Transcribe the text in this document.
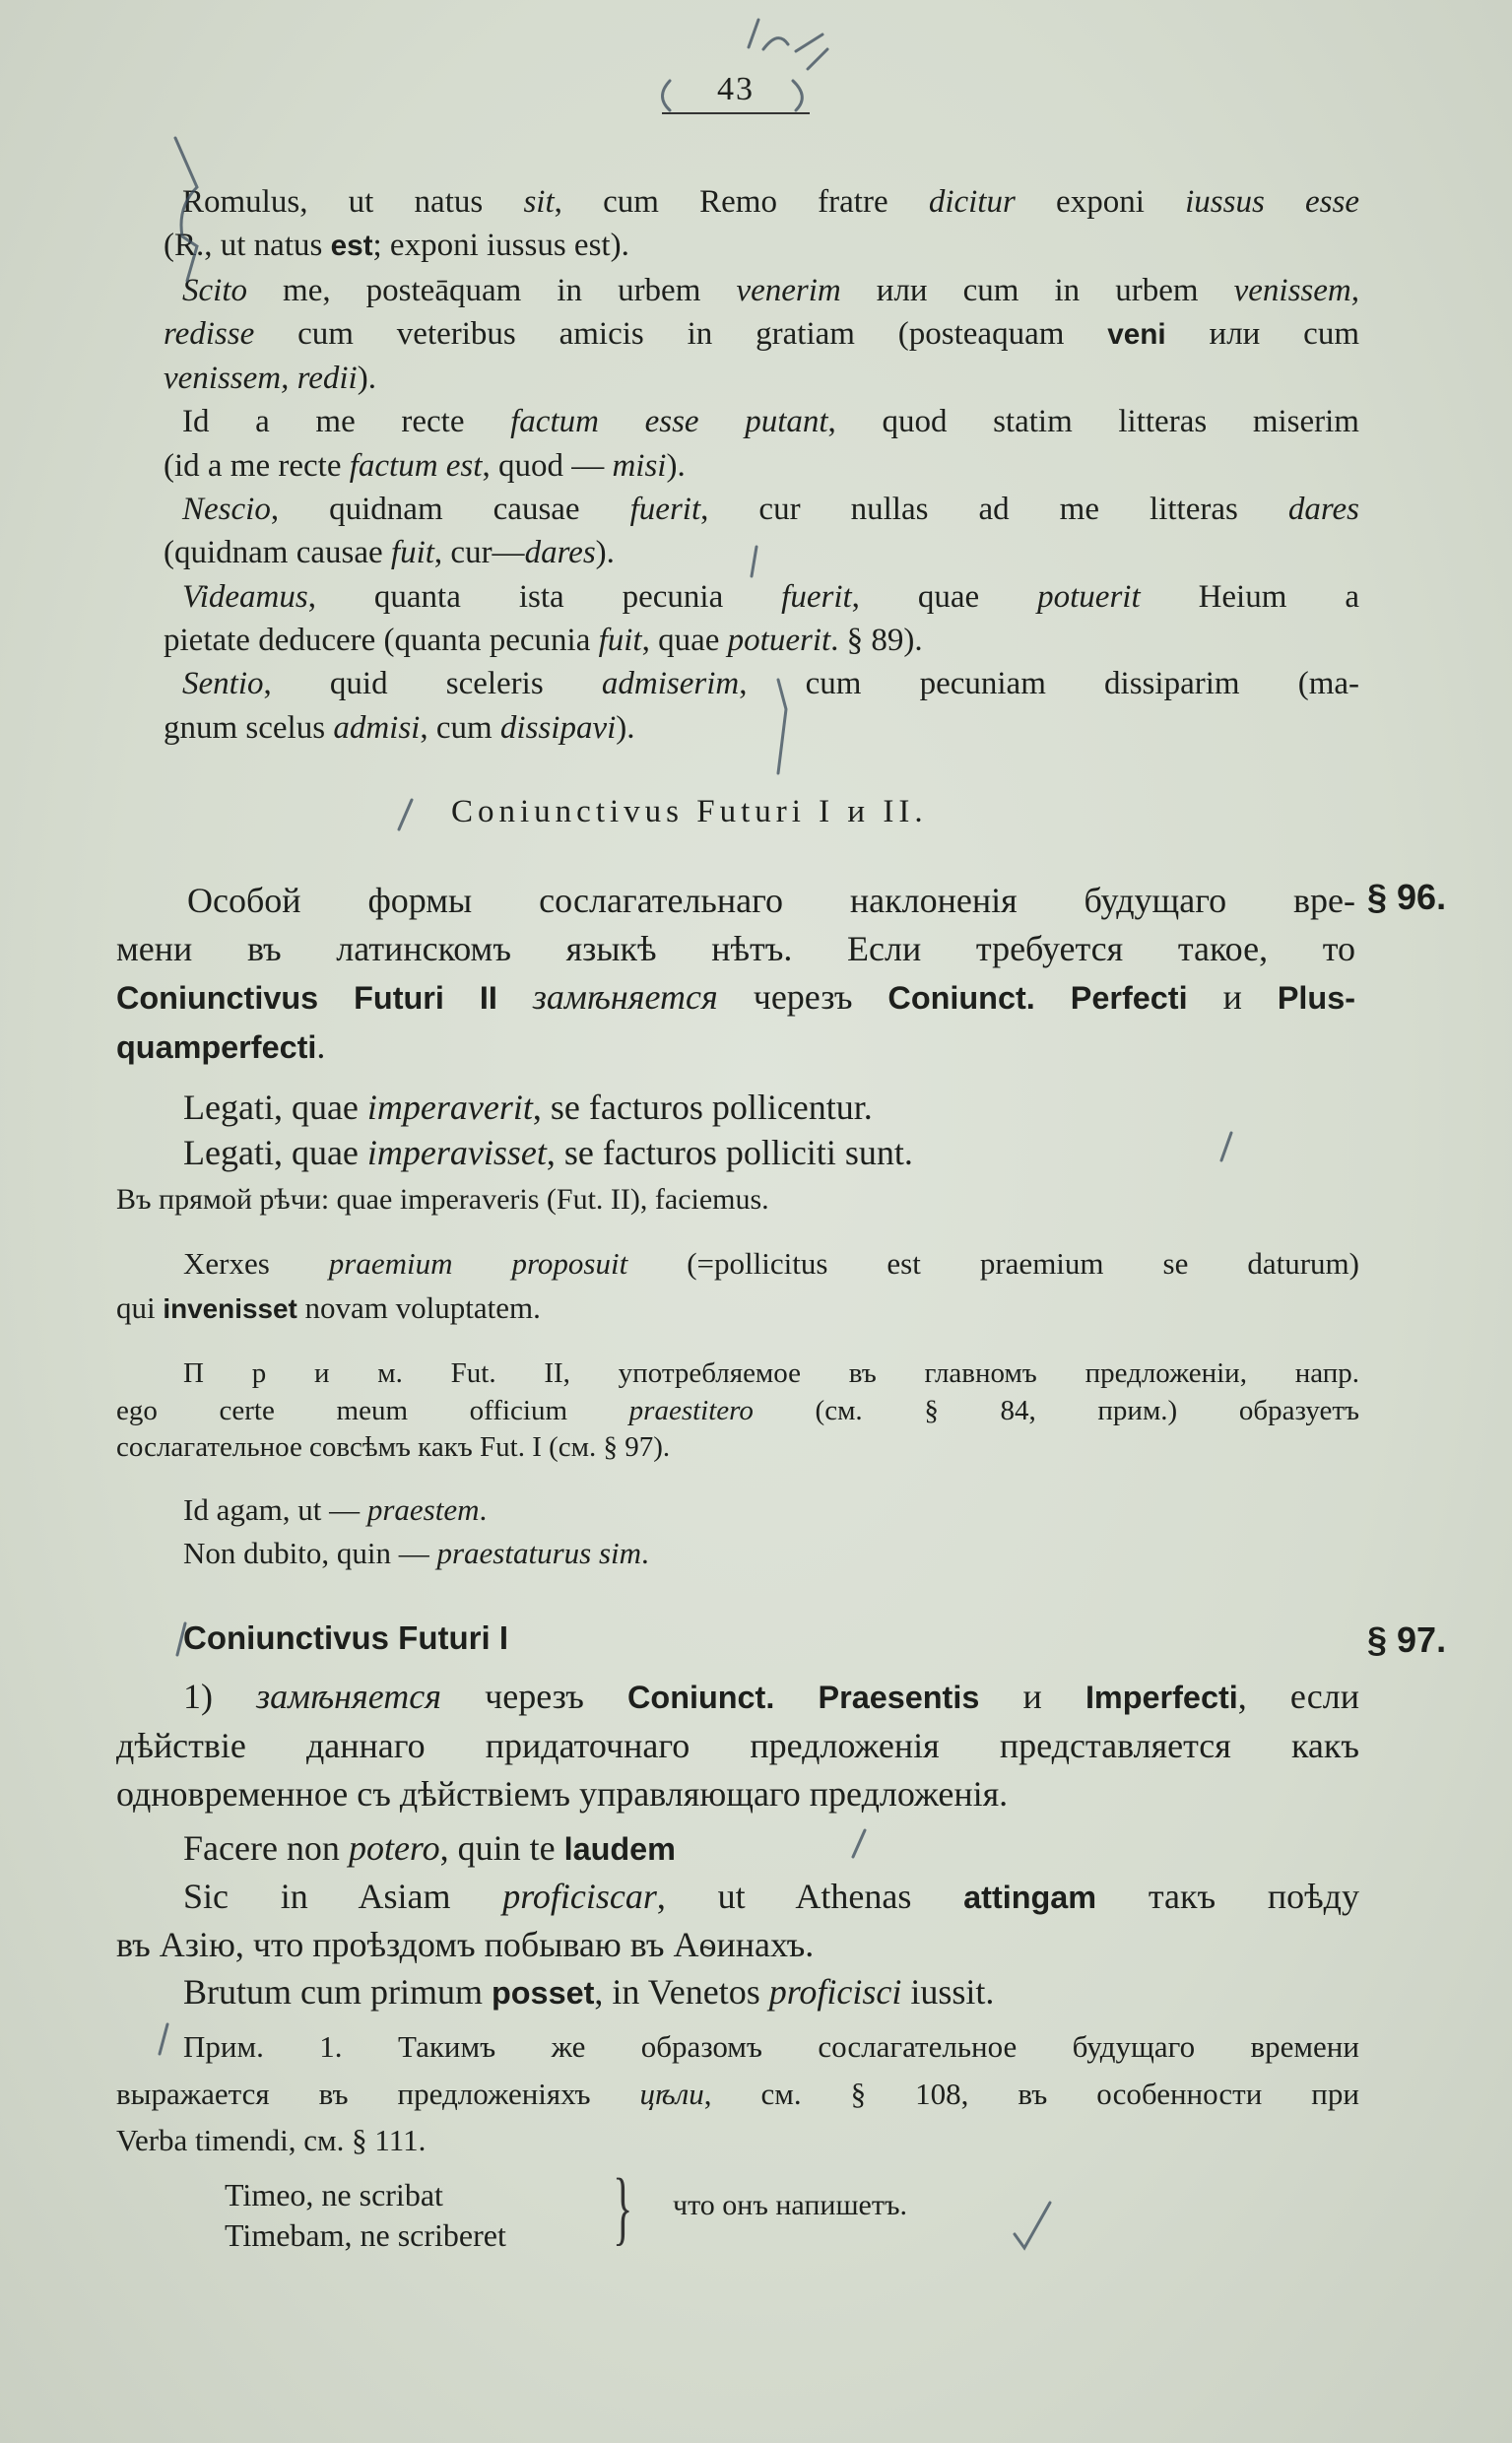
43
Romulus, ut natus sit, cum Remo fratre dicitur exponi iussus esse
(R., ut natus est; exponi iussus est).
Scito me, posteāquam in urbem venerim или cum in urbem venissem,
redisse cum veteribus amicis in gratiam (posteaquam veni или cum
venissem, redii).
Id a me recte factum esse putant, quod statim litteras miserim
(id a me recte factum est, quod — misi).
Nescio, quidnam causae fuerit, cur nullas ad me litteras dares
(quidnam causae fuit, cur—dares).
Videamus, quanta ista pecunia fuerit, quae potuerit Heium a
pietate deducere (quanta pecunia fuit, quae potuerit. § 89).
Sentio, quid sceleris admiserim, cum pecuniam dissiparim (ma-
gnum scelus admisi, cum dissipavi).
Coniunctivus Futuri I и II.
Особой формы сослагательнаго наклоненія будущаго вре-
мени въ латинскомъ языкѣ нѣтъ. Если требуется такое, то
Coniunctivus Futuri II замѣняется черезъ Coniunct. Perfecti и Plus-
quamperfecti.
§ 96.
Legati, quae imperaverit, se facturos pollicentur.
Legati, quae imperavisset, se facturos polliciti sunt.
Въ прямой рѣчи: quae imperaveris (Fut. II), faciemus.
Xerxes praemium proposuit (=pollicitus est praemium se daturum)
qui invenisset novam voluptatem.
П р и м. Fut. II, употребляемое въ главномъ предложеніи, напр.
ego certe meum officium praestitero (см. § 84, прим.) образуетъ
сослагательное совсѣмъ какъ Fut. I (см. § 97).
Id agam, ut — praestem.
Non dubito, quin — praestaturus sim.
Coniunctivus Futuri I	§ 97.
1) замѣняется черезъ Coniunct. Praesentis и Imperfecti, если
дѣйствіе даннаго придаточнаго предложенія представляется какъ
одновременное съ дѣйствіемъ управляющаго предложенія.
Facere non potero, quin te laudem
Sic in Asiam proficiscar, ut Athenas attingam такъ поѣду
въ Азію, что проѣздомъ побываю въ Аѳинахъ.
Brutum cum primum posset, in Venetos proficisci iussit.
Прим. 1. Такимъ же образомъ сослагательное будущаго времени
выражается въ предложеніяхъ цѣли, см. § 108, въ особенности при
Verba timendi, см. § 111.
Timeo, ne scribat
Timebam, ne scriberet	} что онъ напишетъ.
